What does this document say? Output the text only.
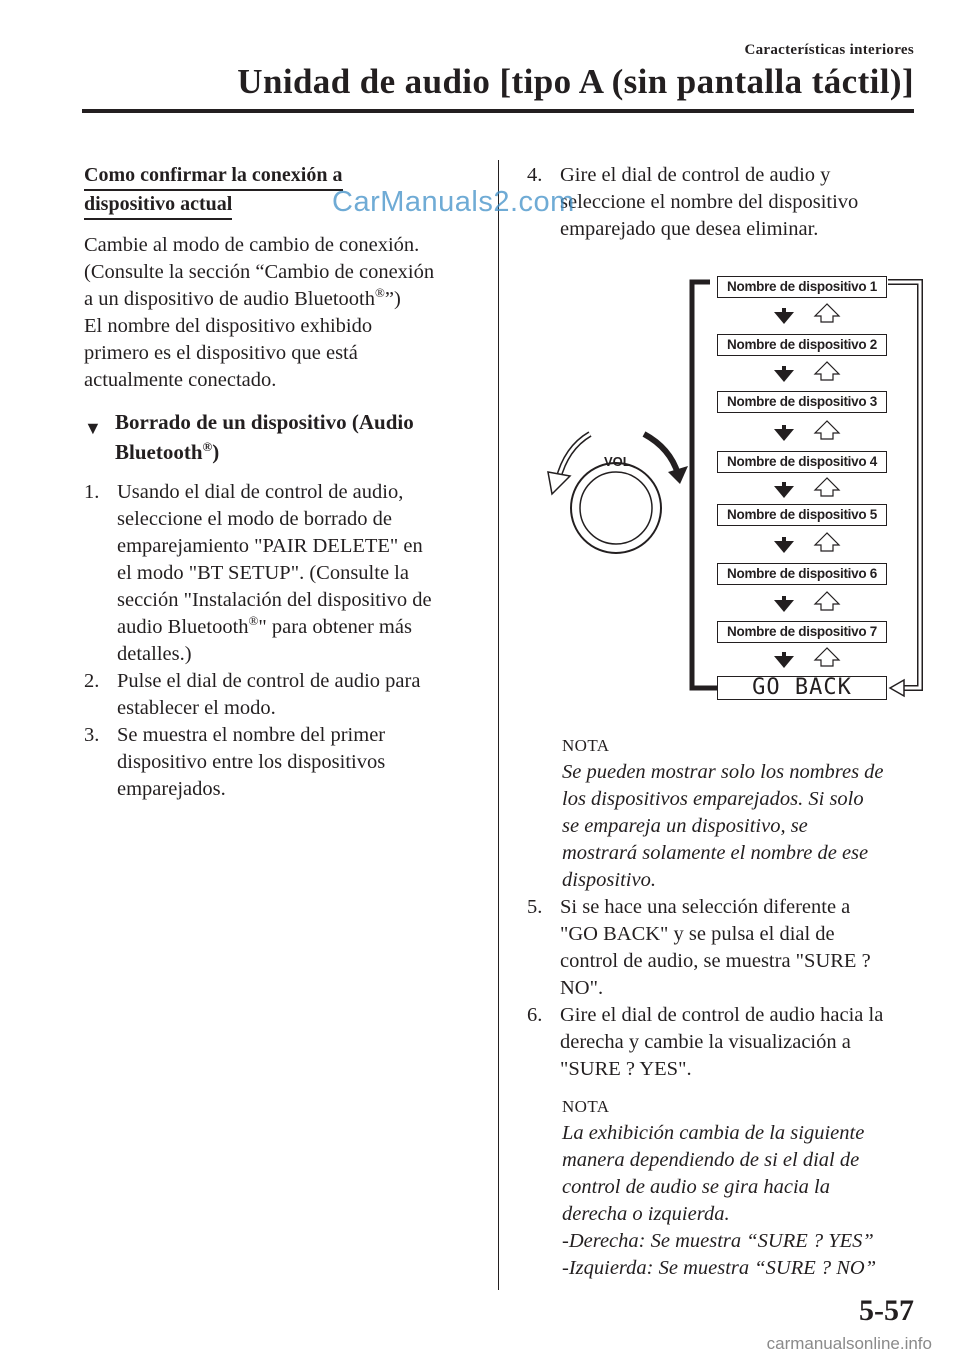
Características interiores
Unidad de audio [tipo A (sin pantalla táctil)]
Como confirmar la conexión a
dispositivo actual

Cambie al modo de cambio de conexión.

(Consulte la sección “Cambio de conexión

a un dispositivo de audio Bluetooth®”)

El nombre del dispositivo exhibido

primero es el dispositivo que está

actualmente conectado.

▼ Borrado de un dispositivo (Audio
Bluetooth®)
1. Usando el dial de control de audio,
seleccione el modo de borrado de
emparejamiento "PAIR DELETE" en
el modo "BT SETUP". (Consulte la
sección "Instalación del dispositivo de
audio Bluetooth®" para obtener más
detalles.)
2. Pulse el dial de control de audio para
establecer el modo.
3. Se muestra el nombre del primer
dispositivo entre los dispositivos
emparejados.
4. Gire el dial de control de audio y
seleccione el nombre del dispositivo
emparejado que desea eliminar.
NOTA
Se pueden mostrar solo los nombres de
los dispositivos emparejados. Si solo
se empareja un dispositivo, se
mostrará solamente el nombre de ese
dispositivo.
5. Si se hace una selección diferente a
"GO BACK" y se pulsa el dial de
control de audio, se muestra "SURE ?
NO".
6. Gire el dial de control de audio hacia la
derecha y cambie la visualización a
"SURE ? YES".
NOTA
La exhibición cambia de la siguiente
manera dependiendo de si el dial de
control de audio se gira hacia la
derecha o izquierda.
-Derecha: Se muestra “SURE ? YES”
-Izquierda: Se muestra “SURE ? NO”
VOL
Nombre de dispositivo 1
Nombre de dispositivo 2
Nombre de dispositivo 3
Nombre de dispositivo 4
Nombre de dispositivo 5
Nombre de dispositivo 6
Nombre de dispositivo 7
GO BACK
CarManuals2.com
5-57
carmanualsonline.info
